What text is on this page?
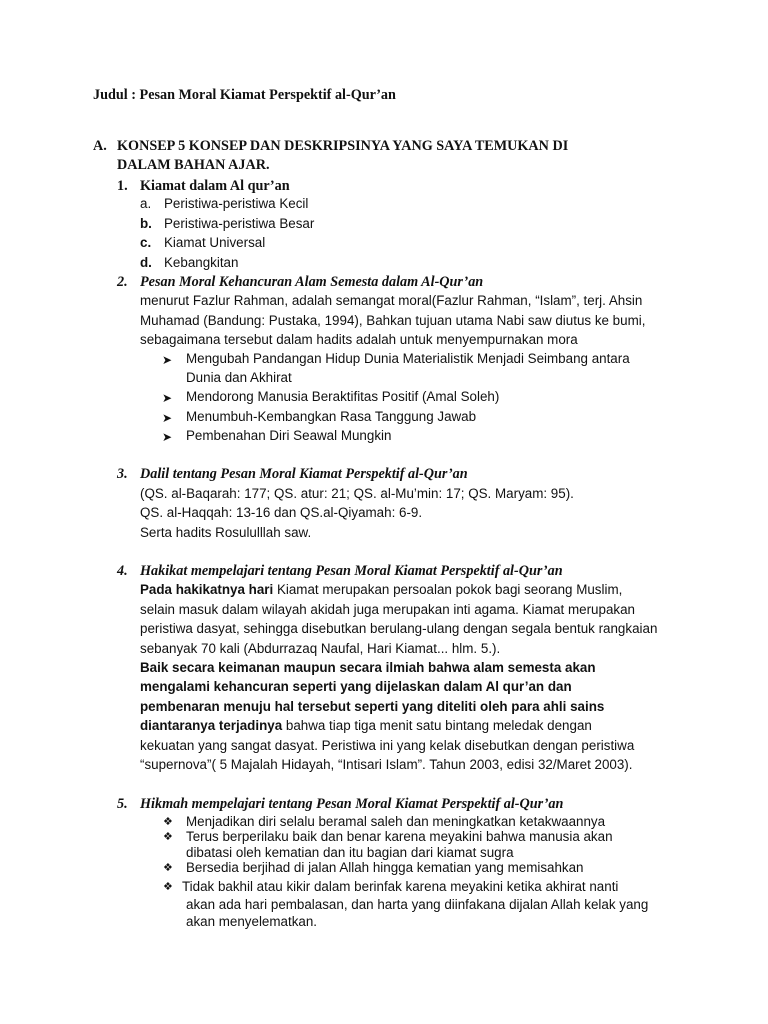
Judul : Pesan Moral Kiamat Perspektif al-Qur’an
A. KONSEP 5 KONSEP DAN DESKRIPSINYA YANG SAYA TEMUKAN DI
DALAM BAHAN AJAR.
1. Kiamat dalam Al qur’an
a. Peristiwa-peristiwa Kecil
b. Peristiwa-peristiwa Besar
c. Kiamat Universal
d. Kebangkitan
2. Pesan Moral Kehancuran Alam Semesta dalam Al-Qur’an
menurut Fazlur Rahman, adalah semangat moral(Fazlur Rahman, “Islam”, terj. Ahsin
Muhamad (Bandung: Pustaka, 1994), Bahkan tujuan utama Nabi saw diutus ke bumi,
sebagaimana tersebut dalam hadits adalah untuk menyempurnakan mora
➤ Mengubah Pandangan Hidup Dunia Materialistik Menjadi Seimbang antara
Dunia dan Akhirat
➤ Mendorong Manusia Beraktifitas Positif (Amal Soleh)
➤ Menumbuh-Kembangkan Rasa Tanggung Jawab
➤ Pembenahan Diri Seawal Mungkin
3. Dalil tentang Pesan Moral Kiamat Perspektif al-Qur’an
(QS. al-Baqarah: 177; QS. atur: 21; QS. al-Mu’min: 17; QS. Maryam: 95).
QS. al-Haqqah: 13-16 dan QS.al-Qiyamah: 6-9.
Serta hadits Rosululllah saw.
4. Hakikat mempelajari tentang Pesan Moral Kiamat Perspektif al-Qur’an
Pada hakikatnya hari Kiamat merupakan persoalan pokok bagi seorang Muslim,
selain masuk dalam wilayah akidah juga merupakan inti agama. Kiamat merupakan
peristiwa dasyat, sehingga disebutkan berulang-ulang dengan segala bentuk rangkaian
sebanyak 70 kali (Abdurrazaq Naufal, Hari Kiamat... hlm. 5.).
Baik secara keimanan maupun secara ilmiah bahwa alam semesta akan
mengalami kehancuran seperti yang dijelaskan dalam Al qur’an dan
pembenaran menuju hal tersebut seperti yang diteliti oleh para ahli sains
diantaranya terjadinya bahwa tiap tiga menit satu bintang meledak dengan
kekuatan yang sangat dasyat. Peristiwa ini yang kelak disebutkan dengan peristiwa
“supernova”( 5 Majalah Hidayah, “Intisari Islam”. Tahun 2003, edisi 32/Maret 2003).
5. Hikmah mempelajari tentang Pesan Moral Kiamat Perspektif al-Qur’an
❖ Menjadikan diri selalu beramal saleh dan meningkatkan ketakwaannya
❖ Terus berperilaku baik dan benar karena meyakini bahwa manusia akan
dibatasi oleh kematian dan itu bagian dari kiamat sugra
❖ Bersedia berjihad di jalan Allah hingga kematian yang memisahkan
❖ Tidak bakhil atau kikir dalam berinfak karena meyakini ketika akhirat nanti
akan ada hari pembalasan, dan harta yang diinfakana dijalan Allah kelak yang
akan menyelematkan.
